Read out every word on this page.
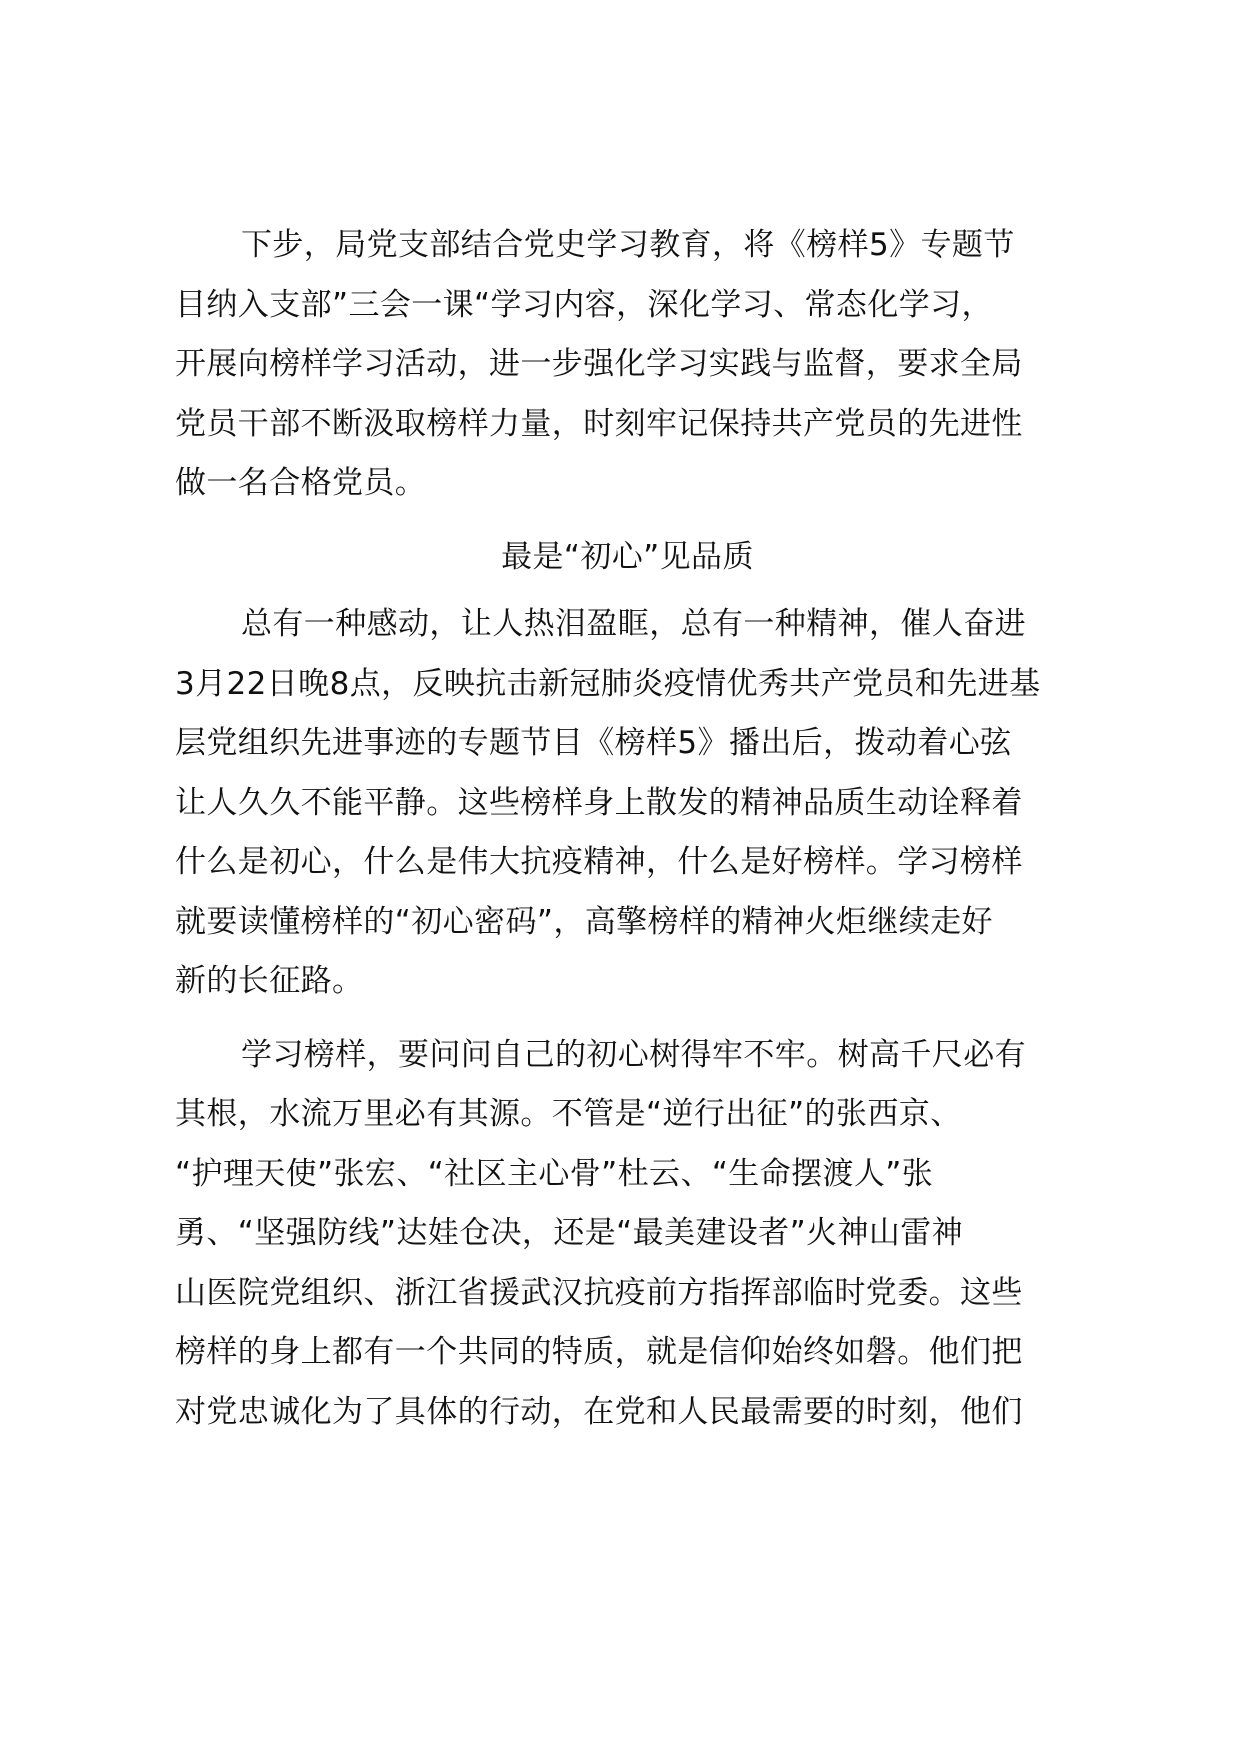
下步，局党支部结合党史学习教育，将《榜样5》专题节
目纳入支部”三会一课“学习内容，深化学习、常态化学习，
开展向榜样学习活动，进一步强化学习实践与监督，要求全局
党员干部不断汲取榜样力量，时刻牢记保持共产党员的先进性
做一名合格党员。

最是“初心”见品质

总有一种感动，让人热泪盈眶，总有一种精神，催人奋进
3月22日晚8点，反映抗击新冠肺炎疫情优秀共产党员和先进基
层党组织先进事迹的专题节目《榜样5》播出后，拨动着心弦
让人久久不能平静。这些榜样身上散发的精神品质生动诠释着
什么是初心，什么是伟大抗疫精神，什么是好榜样。学习榜样
就要读懂榜样的“初心密码”，高擎榜样的精神火炬继续走好
新的长征路。

学习榜样，要问问自己的初心树得牢不牢。树高千尺必有
其根，水流万里必有其源。不管是“逆行出征”的张西京、
“护理天使”张宏、“社区主心骨”杜云、“生命摆渡人”张
勇、“坚强防线”达娃仓决，还是“最美建设者”火神山雷神
山医院党组织、浙江省援武汉抗疫前方指挥部临时党委。这些
榜样的身上都有一个共同的特质，就是信仰始终如磐。他们把
对党忠诚化为了具体的行动，在党和人民最需要的时刻，他们
